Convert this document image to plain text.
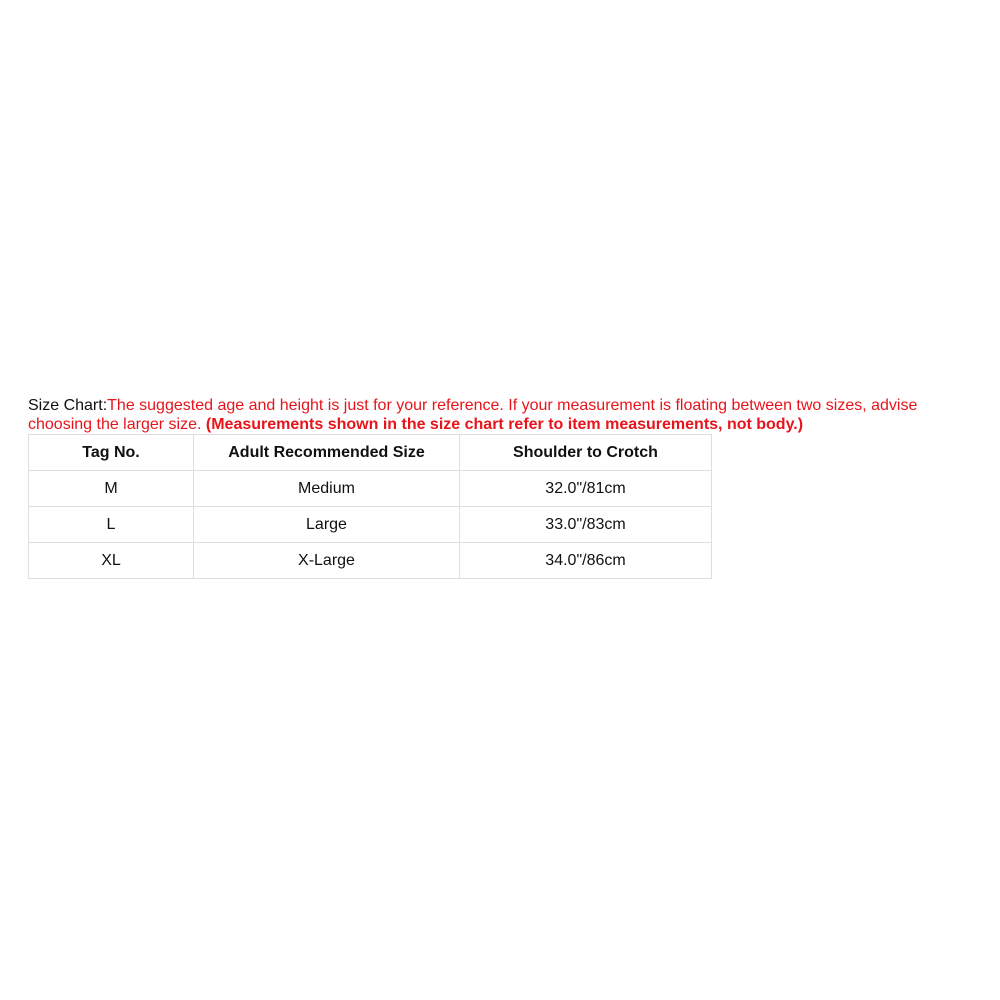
Size Chart:The suggested age and height is just for your reference. If your measurement is floating between two sizes, advise choosing the larger size. (Measurements shown in the size chart refer to item measurements, not body.)
Tag No.	Adult Recommended Size	Shoulder to Crotch
M	Medium	32.0"/81cm
L	Large	33.0"/83cm
XL	X-Large	34.0"/86cm
